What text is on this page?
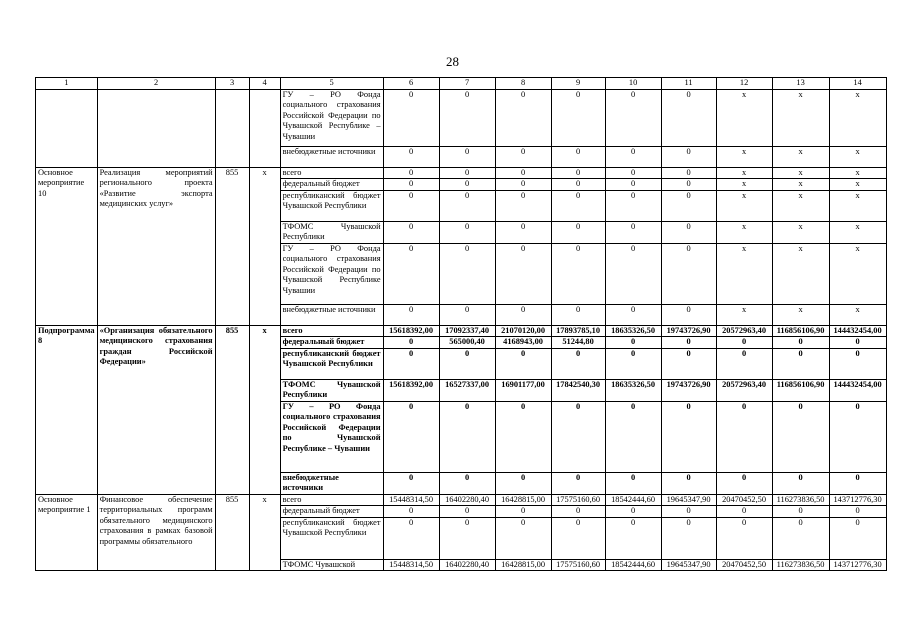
28
1	2	3	4	5	6	7	8	9	10	11	12	13	14
				ГУ – РО Фонда социального страхования Российской Федерации по Чувашской Республике – Чувашии	0	0	0	0	0	0	х	х	х
				внебюджетные источники	0	0	0	0	0	0	х	х	х
Основное мероприятие 10	Реализация мероприятий регионального проекта «Развитие экспорта медицинских услуг»	855	х	всего	0	0	0	0	0	0	х	х	х
				федеральный бюджет	0	0	0	0	0	0	х	х	х
				республиканский бюджет Чувашской Республики	0	0	0	0	0	0	х	х	х
				ТФОМС Чувашской Республики	0	0	0	0	0	0	х	х	х
				ГУ – РО Фонда социального страхования Российской Федерации по Чувашской Республике Чувашии	0	0	0	0	0	0	х	х	х
				внебюджетные источники	0	0	0	0	0	0	х	х	х
Подпрограмма 8	«Организация обязательного медицинского страхования граждан Российской Федерации»	855	х	всего	15618392,00	17092337,40	21070120,00	17893785,10	18635326,50	19743726,90	20572963,40	116856106,90	144432454,00
				федеральный бюджет	0	565000,40	4168943,00	51244,80	0	0	0	0	0
				республиканский бюджет Чувашской Республики	0	0	0	0	0	0	0	0	0
				ТФОМС Чувашской Республики	15618392,00	16527337,00	16901177,00	17842540,30	18635326,50	19743726,90	20572963,40	116856106,90	144432454,00
				ГУ – РО Фонда социального страхования Российской Федерации по Чувашской Республике – Чувашии	0	0	0	0	0	0	0	0	0
				внебюджетные источники	0	0	0	0	0	0	0	0	0
Основное мероприятие 1	Финансовое обеспечение территориальных программ обязательного медицинского страхования в рамках базовой программы обязательного	855	х	всего	15448314,50	16402280,40	16428815,00	17575160,60	18542444,60	19645347,90	20470452,50	116273836,50	143712776,30
				федеральный бюджет	0	0	0	0	0	0	0	0	0
				республиканский бюджет Чувашской Республики	0	0	0	0	0	0	0	0	0
				ТФОМС Чувашской	15448314,50	16402280,40	16428815,00	17575160,60	18542444,60	19645347,90	20470452,50	116273836,50	143712776,30
